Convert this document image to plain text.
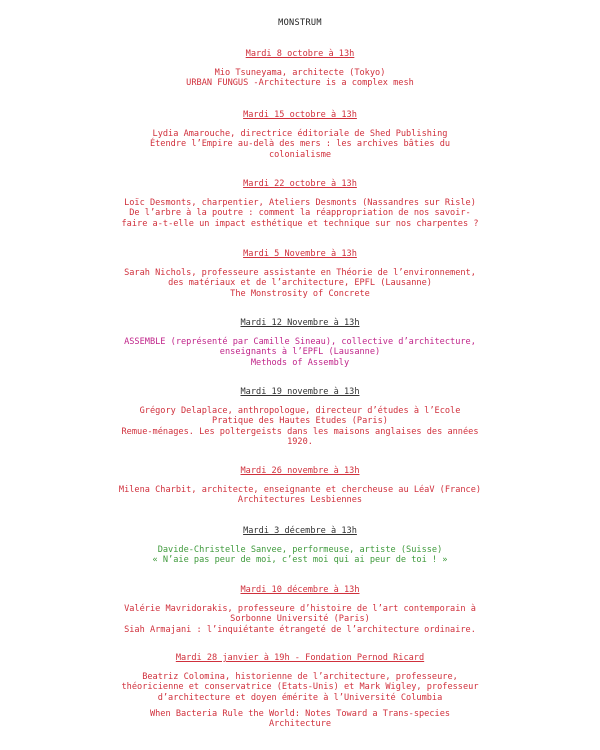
MONSTRUM
Mardi 8 octobre à 13h
Mio Tsuneyama, architecte (Tokyo)
URBAN FUNGUS -Architecture is a complex mesh
Mardi 15 octobre à 13h
Lydia Amarouche, directrice éditoriale de Shed Publishing
Étendre l’Empire au-delà des mers : les archives bâties du
colonialisme
Mardi 22 octobre à 13h
Loïc Desmonts, charpentier, Ateliers Desmonts (Nassandres sur Risle)
De l’arbre à la poutre : comment la réappropriation de nos savoir-
faire a-t-elle un impact esthétique et technique sur nos charpentes ?
Mardi 5 Novembre à 13h
Sarah Nichols, professeure assistante en Théorie de l’environnement,
des matériaux et de l’architecture, EPFL (Lausanne)
The Monstrosity of Concrete
Mardi 12 Novembre à 13h
ASSEMBLE (représenté par Camille Sineau), collective d’architecture,
enseignants à l’EPFL (Lausanne)
Methods of Assembly
Mardi 19 novembre à 13h
Grégory Delaplace, anthropologue, directeur d’études à l’Ecole
Pratique des Hautes Etudes (Paris)
Remue-ménages. Les poltergeists dans les maisons anglaises des années
1920.
Mardi 26 novembre à 13h
Milena Charbit, architecte, enseignante et chercheuse au LéaV (France)
Architectures Lesbiennes
Mardi 3 décembre à 13h
Davide-Christelle Sanvee, performeuse, artiste (Suisse)
« N’aie pas peur de moi, c’est moi qui ai peur de toi ! »
Mardi 10 décembre à 13h
Valérie Mavridorakis, professeure d’histoire de l’art contemporain à
Sorbonne Université (Paris)
Siah Armajani : l’inquiétante étrangeté de l’architecture ordinaire.
Mardi 28 janvier à 19h - Fondation Pernod Ricard
Beatriz Colomina, historienne de l’architecture, professeure,
théoricienne et conservatrice (Etats-Unis) et Mark Wigley, professeur
d’architecture et doyen émérite à l’Université Columbia
When Bacteria Rule the World: Notes Toward a Trans-species
Architecture
